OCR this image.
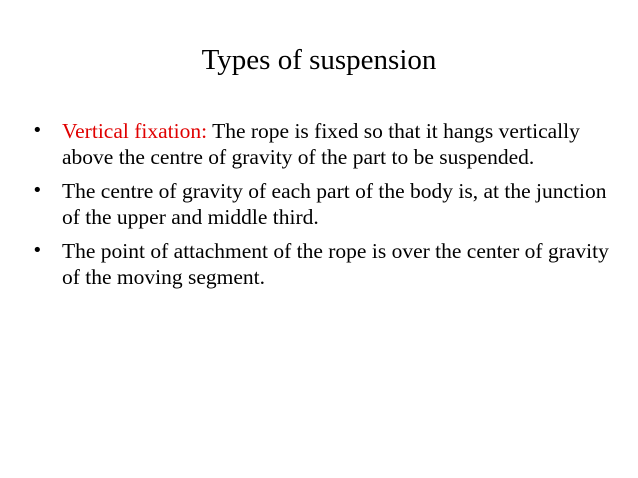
Types of suspension
• Vertical fixation: The rope is fixed so that it hangs vertically above the centre of gravity of the part to be suspended.
• The centre of gravity of each part of the body is, at the junction of the upper and middle third.
• The point of attachment of the rope is over the center of gravity of the moving segment.
